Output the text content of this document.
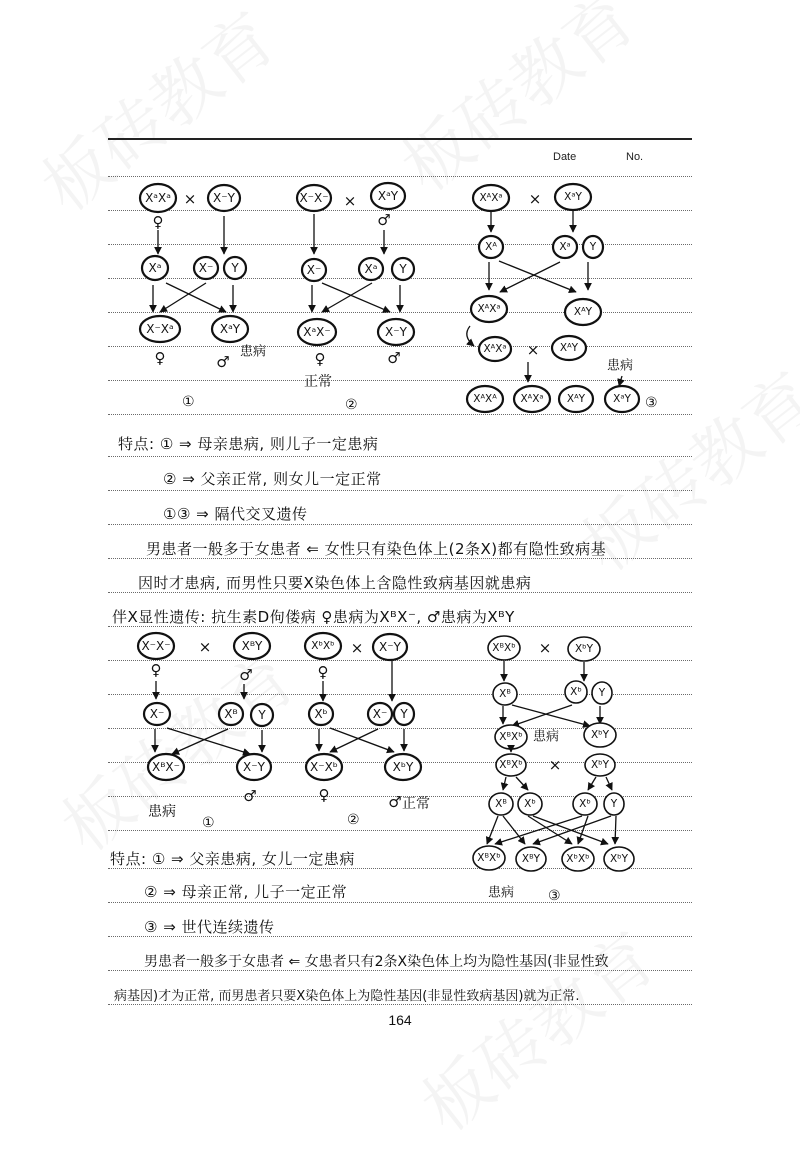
Date	No.
XᵃXᵃ × X⁻Y
♀
Xᵃ	X⁻ Y
X⁻Xᵃ	XᵃY
♀	♂
患病
①
X⁻X⁻ × XᵃY
♂
X⁻	Xᵃ Y
XᵃX⁻	X⁻Y
♀	♂
正常
②
XᴬXᵃ × XᵃY
Xᴬ	Xᵃ Y
XᴬXᵃ	XᴬY
XᴬXᵃ × XᴬY
患病
XᴬXᴬ XᴬXᵃ XᴬY	XᵃY ③
X⁻X⁻ ×	XᴮY
♀	♂
X⁻	Xᴮ Y
XᴮX⁻	X⁻Y
♂
患病
①
XᵇXᵇ × X⁻Y
♀
Xᵇ	X⁻ Y
X⁻Xᵇ	XᵇY
♀	♂ 正常
②
XᴮXᵇ × XᵇY
Xᴮ	Xᵇ Y
XᴮXᵇ 患病	XᵇY
XᴮXᵇ ×	XᵇY
Xᴮ Xᵇ	Xᵇ Y
XᴮXᵇ XᴮY XᵇXᵇ XᵇY
患病 ③
特点: ① ⇒ 母亲患病, 则儿子一定患病
② ⇒ 父亲正常, 则女儿一定正常
①③ ⇒ 隔代交叉遗传
男患者一般多于女患者 ⇐ 女性只有染色体上(2条X)都有隐性致病基
因时才患病, 而男性只要X染色体上含隐性致病基因就患病
伴X显性遗传: 抗生素D佝偻病 ♀患病为XᴮX⁻, ♂患病为XᴮY
特点: ① ⇒ 父亲患病, 女儿一定患病
② ⇒ 母亲正常, 儿子一定正常
③ ⇒ 世代连续遗传
男患者一般多于女患者 ⇐ 女患者只有2条X染色体上均为隐性基因(非显性致
病基因)才为正常, 而男患者只要X染色体上为隐性基因(非显性致病基因)就为正常.
164
